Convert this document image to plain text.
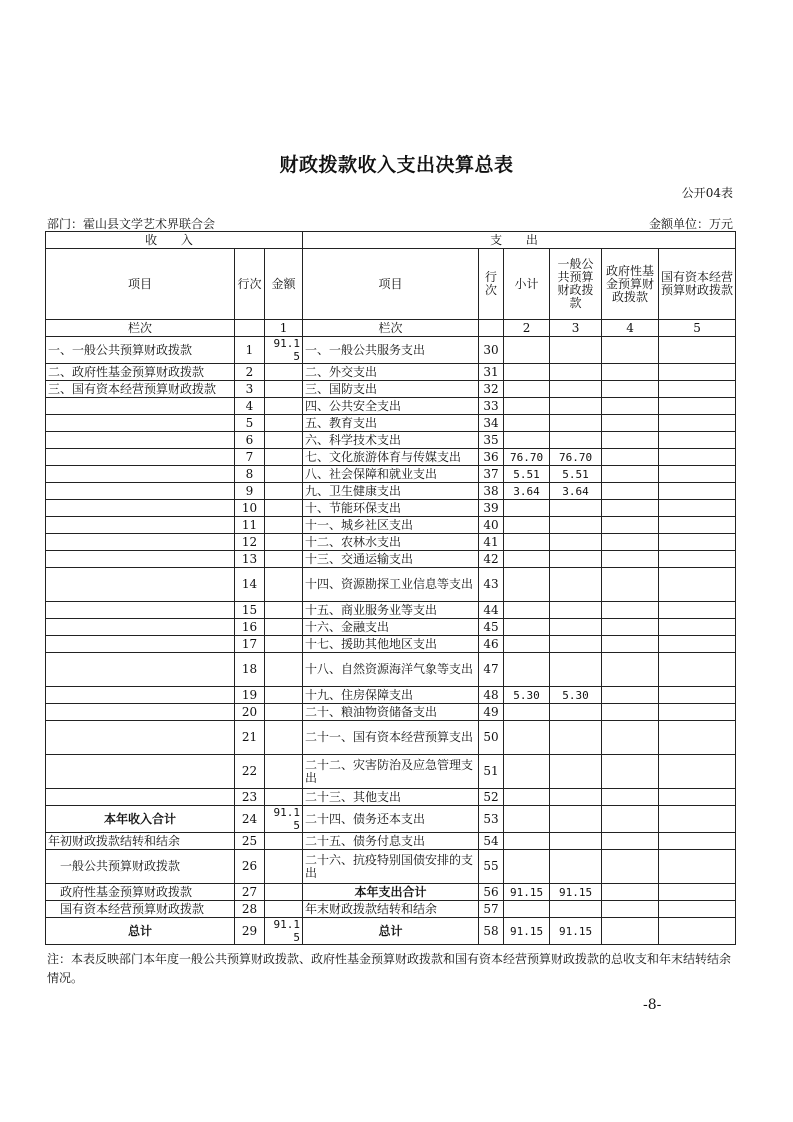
财政拨款收入支出决算总表
公开04表
部门：霍山县文学艺术界联合会	金额单位：万元
收 入			支 出					
项目	行次	金额	项目	行次	小计	一般公共预算财政拨款	政府性基金预算财政拨款	国有资本经营预算财政拨款
栏次		1	栏次		2	3	4	5
一、一般公共预算财政拨款	1	91.15	一、一般公共服务支出	30				
二、政府性基金预算财政拨款	2		二、外交支出	31				
三、国有资本经营预算财政拨款	3		三、国防支出	32				
	4		四、公共安全支出	33				
	5		五、教育支出	34				
	6		六、科学技术支出	35				
	7		七、文化旅游体育与传媒支出	36	76.70	76.70		
	8		八、社会保障和就业支出	37	5.51	5.51		
	9		九、卫生健康支出	38	3.64	3.64		
	10		十、节能环保支出	39				
	11		十一、城乡社区支出	40				
	12		十二、农林水支出	41				
	13		十三、交通运输支出	42				
	14		十四、资源勘探工业信息等支出	43				
	15		十五、商业服务业等支出	44				
	16		十六、金融支出	45				
	17		十七、援助其他地区支出	46				
	18		十八、自然资源海洋气象等支出	47				
	19		十九、住房保障支出	48	5.30	5.30		
	20		二十、粮油物资储备支出	49				
	21		二十一、国有资本经营预算支出	50				
	22		二十二、灾害防治及应急管理支出	51				
	23		二十三、其他支出	52				
本年收入合计	24	91.15	二十四、债务还本支出	53				
年初财政拨款结转和结余	25		二十五、债务付息支出	54				
一般公共预算财政拨款	26		二十六、抗疫特别国债安排的支出	55				
政府性基金预算财政拨款	27		本年支出合计	56	91.15	91.15		
国有资本经营预算财政拨款	28		年末财政拨款结转和结余	57				
总计	29	91.15	总计	58	91.15	91.15		
注：本表反映部门本年度一般公共预算财政拨款、政府性基金预算财政拨款和国有资本经营预算财政拨款的总收支和年末结转结余情况。
-8-
